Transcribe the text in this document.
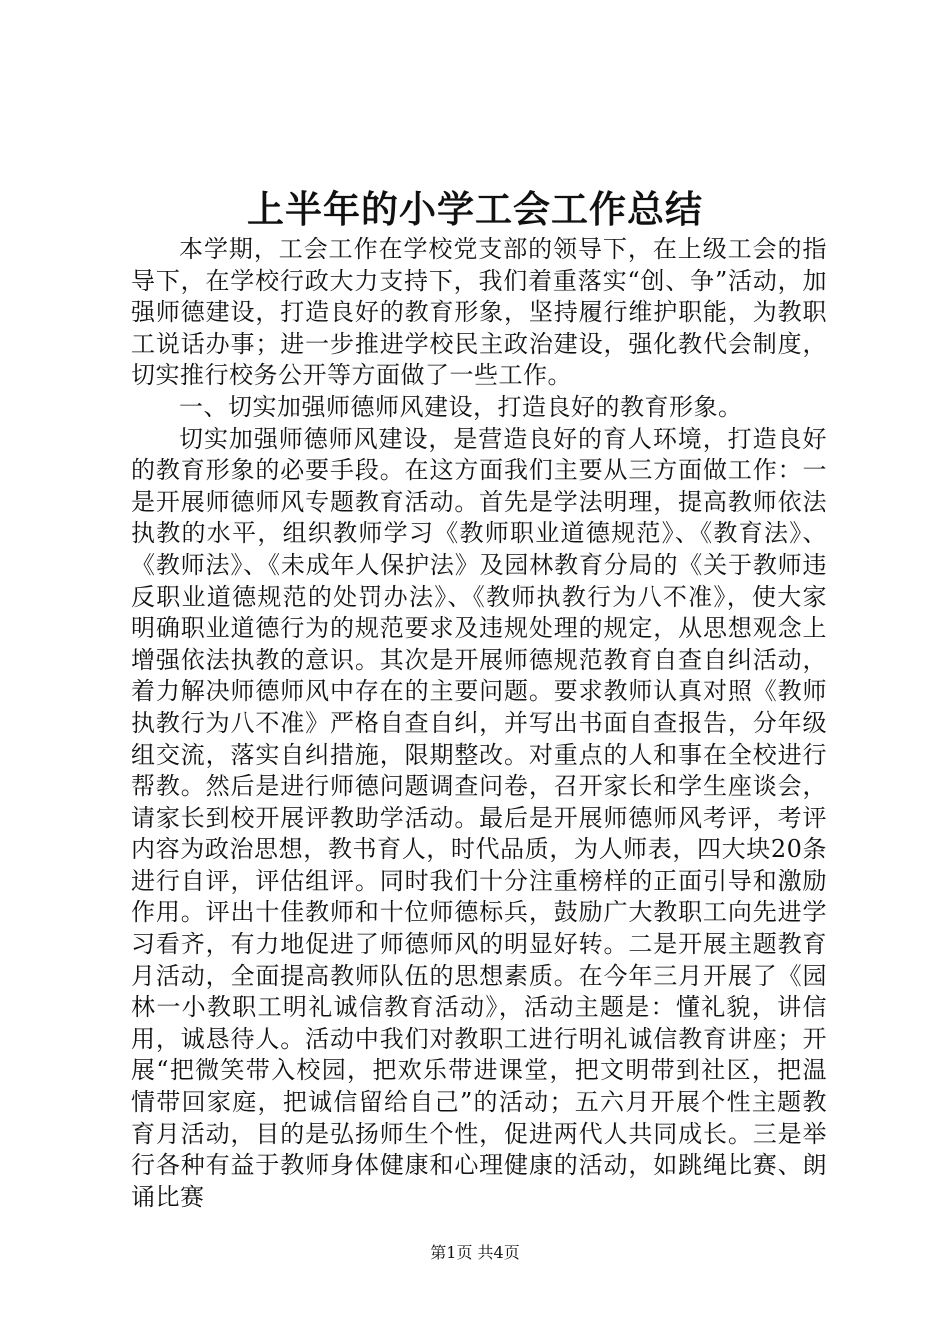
上半年的小学工会工作总结

本学期，工会工作在学校党支部的领导下，在上级工会的指导下，在学校行政大力支持下，我们着重落实“创、争”活动，加强师德建设，打造良好的教育形象，坚持履行维护职能，为教职工说话办事；进一步推进学校民主政治建设，强化教代会制度，切实推行校务公开等方面做了一些工作。

一、切实加强师德师风建设，打造良好的教育形象。

切实加强师德师风建设，是营造良好的育人环境，打造良好的教育形象的必要手段。在这方面我们主要从三方面做工作：一是开展师德师风专题教育活动。首先是学法明理，提高教师依法执教的水平，组织教师学习《教师职业道德规范》、《教育法》、《教师法》、《未成年人保护法》及园林教育分局的《关于教师违反职业道德规范的处罚办法》、《教师执教行为八不准》，使大家明确职业道德行为的规范要求及违规处理的规定，从思想观念上增强依法执教的意识。其次是开展师德规范教育自查自纠活动，着力解决师德师风中存在的主要问题。要求教师认真对照《教师执教行为八不准》严格自查自纠，并写出书面自查报告，分年级组交流，落实自纠措施，限期整改。对重点的人和事在全校进行帮教。然后是进行师德问题调查问卷，召开家长和学生座谈会，请家长到校开展评教助学活动。最后是开展师德师风考评，考评内容为政治思想，教书育人，时代品质，为人师表，四大块20条进行自评，评估组评。同时我们十分注重榜样的正面引导和激励作用。评出十佳教师和十位师德标兵，鼓励广大教职工向先进学习看齐，有力地促进了师德师风的明显好转。二是开展主题教育月活动，全面提高教师队伍的思想素质。在今年三月开展了《园林一小教职工明礼诚信教育活动》，活动主题是：懂礼貌，讲信用，诚恳待人。活动中我们对教职工进行明礼诚信教育讲座；开展“把微笑带入校园，把欢乐带进课堂，把文明带到社区，把温情带回家庭，把诚信留给自己”的活动；五六月开展个性主题教育月活动，目的是弘扬师生个性，促进两代人共同成长。三是举行各种有益于教师身体健康和心理健康的活动，如跳绳比赛、朗诵比赛

第1页 共4页
